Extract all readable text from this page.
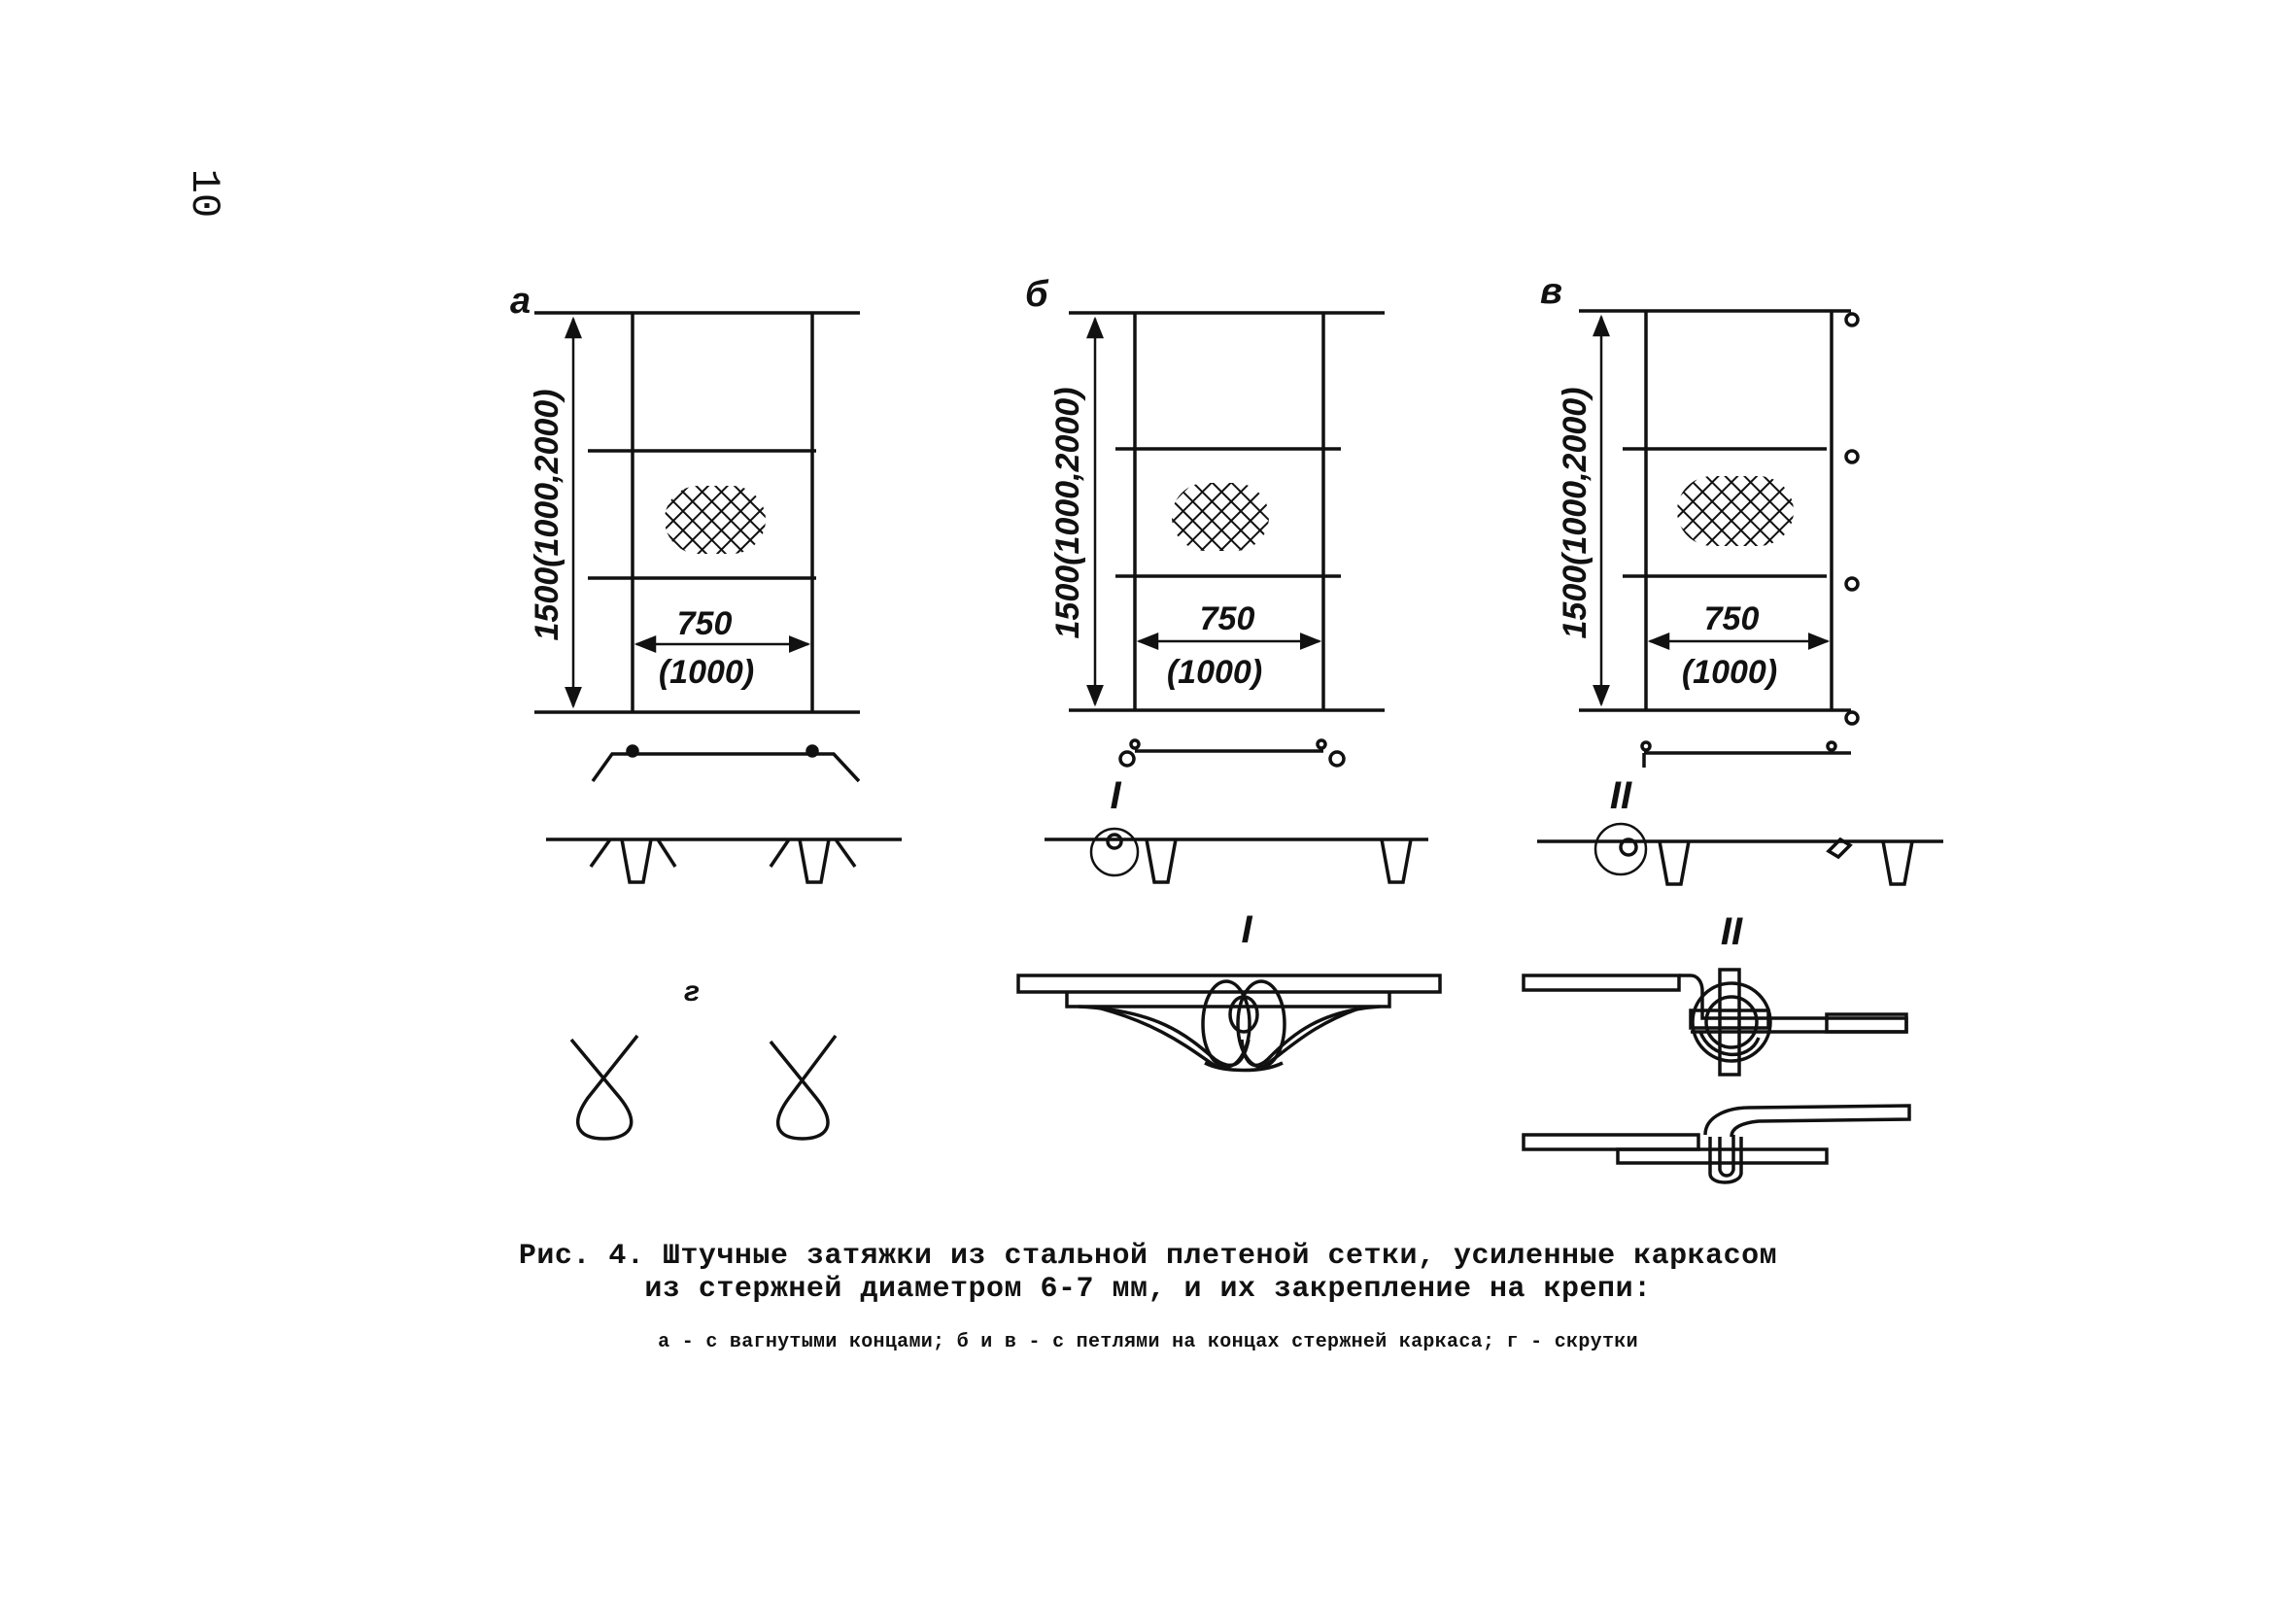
10
а
1500(1000,2000)	750
(1000)
б
1500(1000,2000)	750
(1000)
I
в
1500(1000,2000)	750
(1000)
II
г
I	II
Рис. 4. Штучные затяжки из стальной плетеной сетки, усиленные каркасом
из стержней диаметром 6-7 мм, и их закрепление на крепи:
а - с вагнутыми концами; б и в - с петлями на концах стержней каркаса; г - скрутки
